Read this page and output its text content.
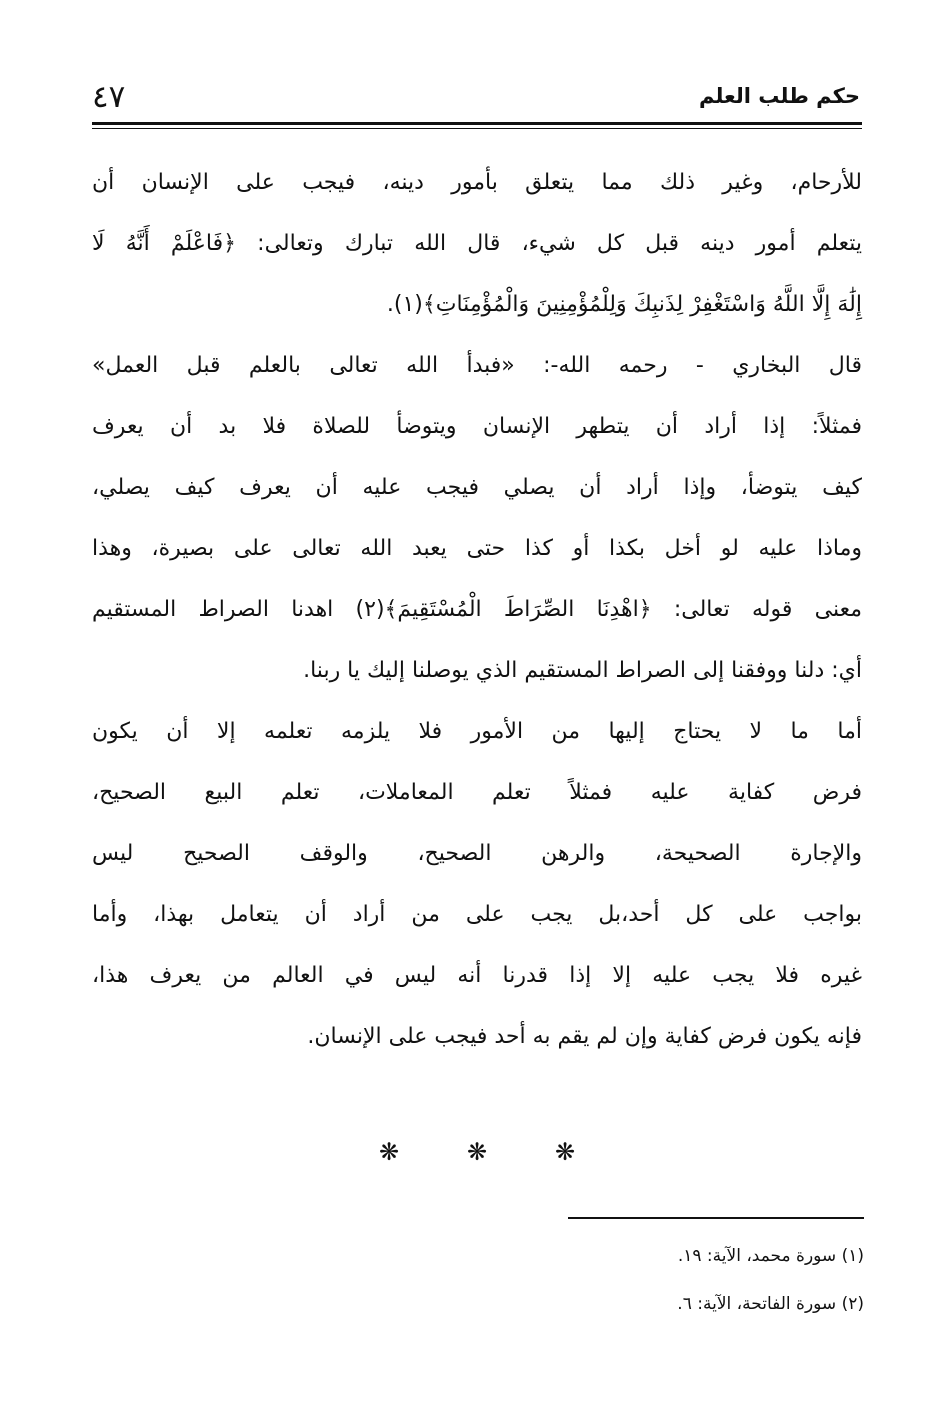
حكم طلب العلم
٤٧
للأرحام، وغير ذلك مما يتعلق بأمور دينه، فيجب على الإنسان أن
يتعلم أمور دينه قبل كل شيء، قال الله تبارك وتعالى: ﴿فَاعْلَمْ أَنَّهُ لَا
إِلَٰهَ إِلَّا اللَّهُ وَاسْتَغْفِرْ لِذَنبِكَ وَلِلْمُؤْمِنِينَ وَالْمُؤْمِنَاتِ﴾(١).
قال البخاري - رحمه الله-: «فبدأ الله تعالى بالعلم قبل العمل»
فمثلاً: إذا أراد أن يتطهر الإنسان ويتوضأ للصلاة فلا بد أن يعرف
كيف يتوضأ، وإذا أراد أن يصلي فيجب عليه أن يعرف كيف يصلي،
وماذا عليه لو أخل بكذا أو كذا حتى يعبد الله تعالى على بصيرة، وهذا
معنى قوله تعالى: ﴿اهْدِنَا الصِّرَاطَ الْمُسْتَقِيمَ﴾(٢) اهدنا الصراط المستقيم
أي: دلنا ووفقنا إلى الصراط المستقيم الذي يوصلنا إليك يا ربنا.
أما ما لا يحتاج إليها من الأمور فلا يلزمه تعلمه إلا أن يكون
فرض كفاية عليه فمثلاً تعلم المعاملات، تعلم البيع الصحيح،
والإجارة الصحيحة، والرهن الصحيح، والوقف الصحيح ليس
بواجب على كل أحد،بل يجب على من أراد أن يتعامل بهذا، وأما
غيره فلا يجب عليه إلا إذا قدرنا أنه ليس في العالم من يعرف هذا،
فإنه يكون فرض كفاية وإن لم يقم به أحد فيجب على الإنسان.
❋	❋	❋
(١) سورة محمد، الآية: ١٩.
(٢) سورة الفاتحة، الآية: ٦.
